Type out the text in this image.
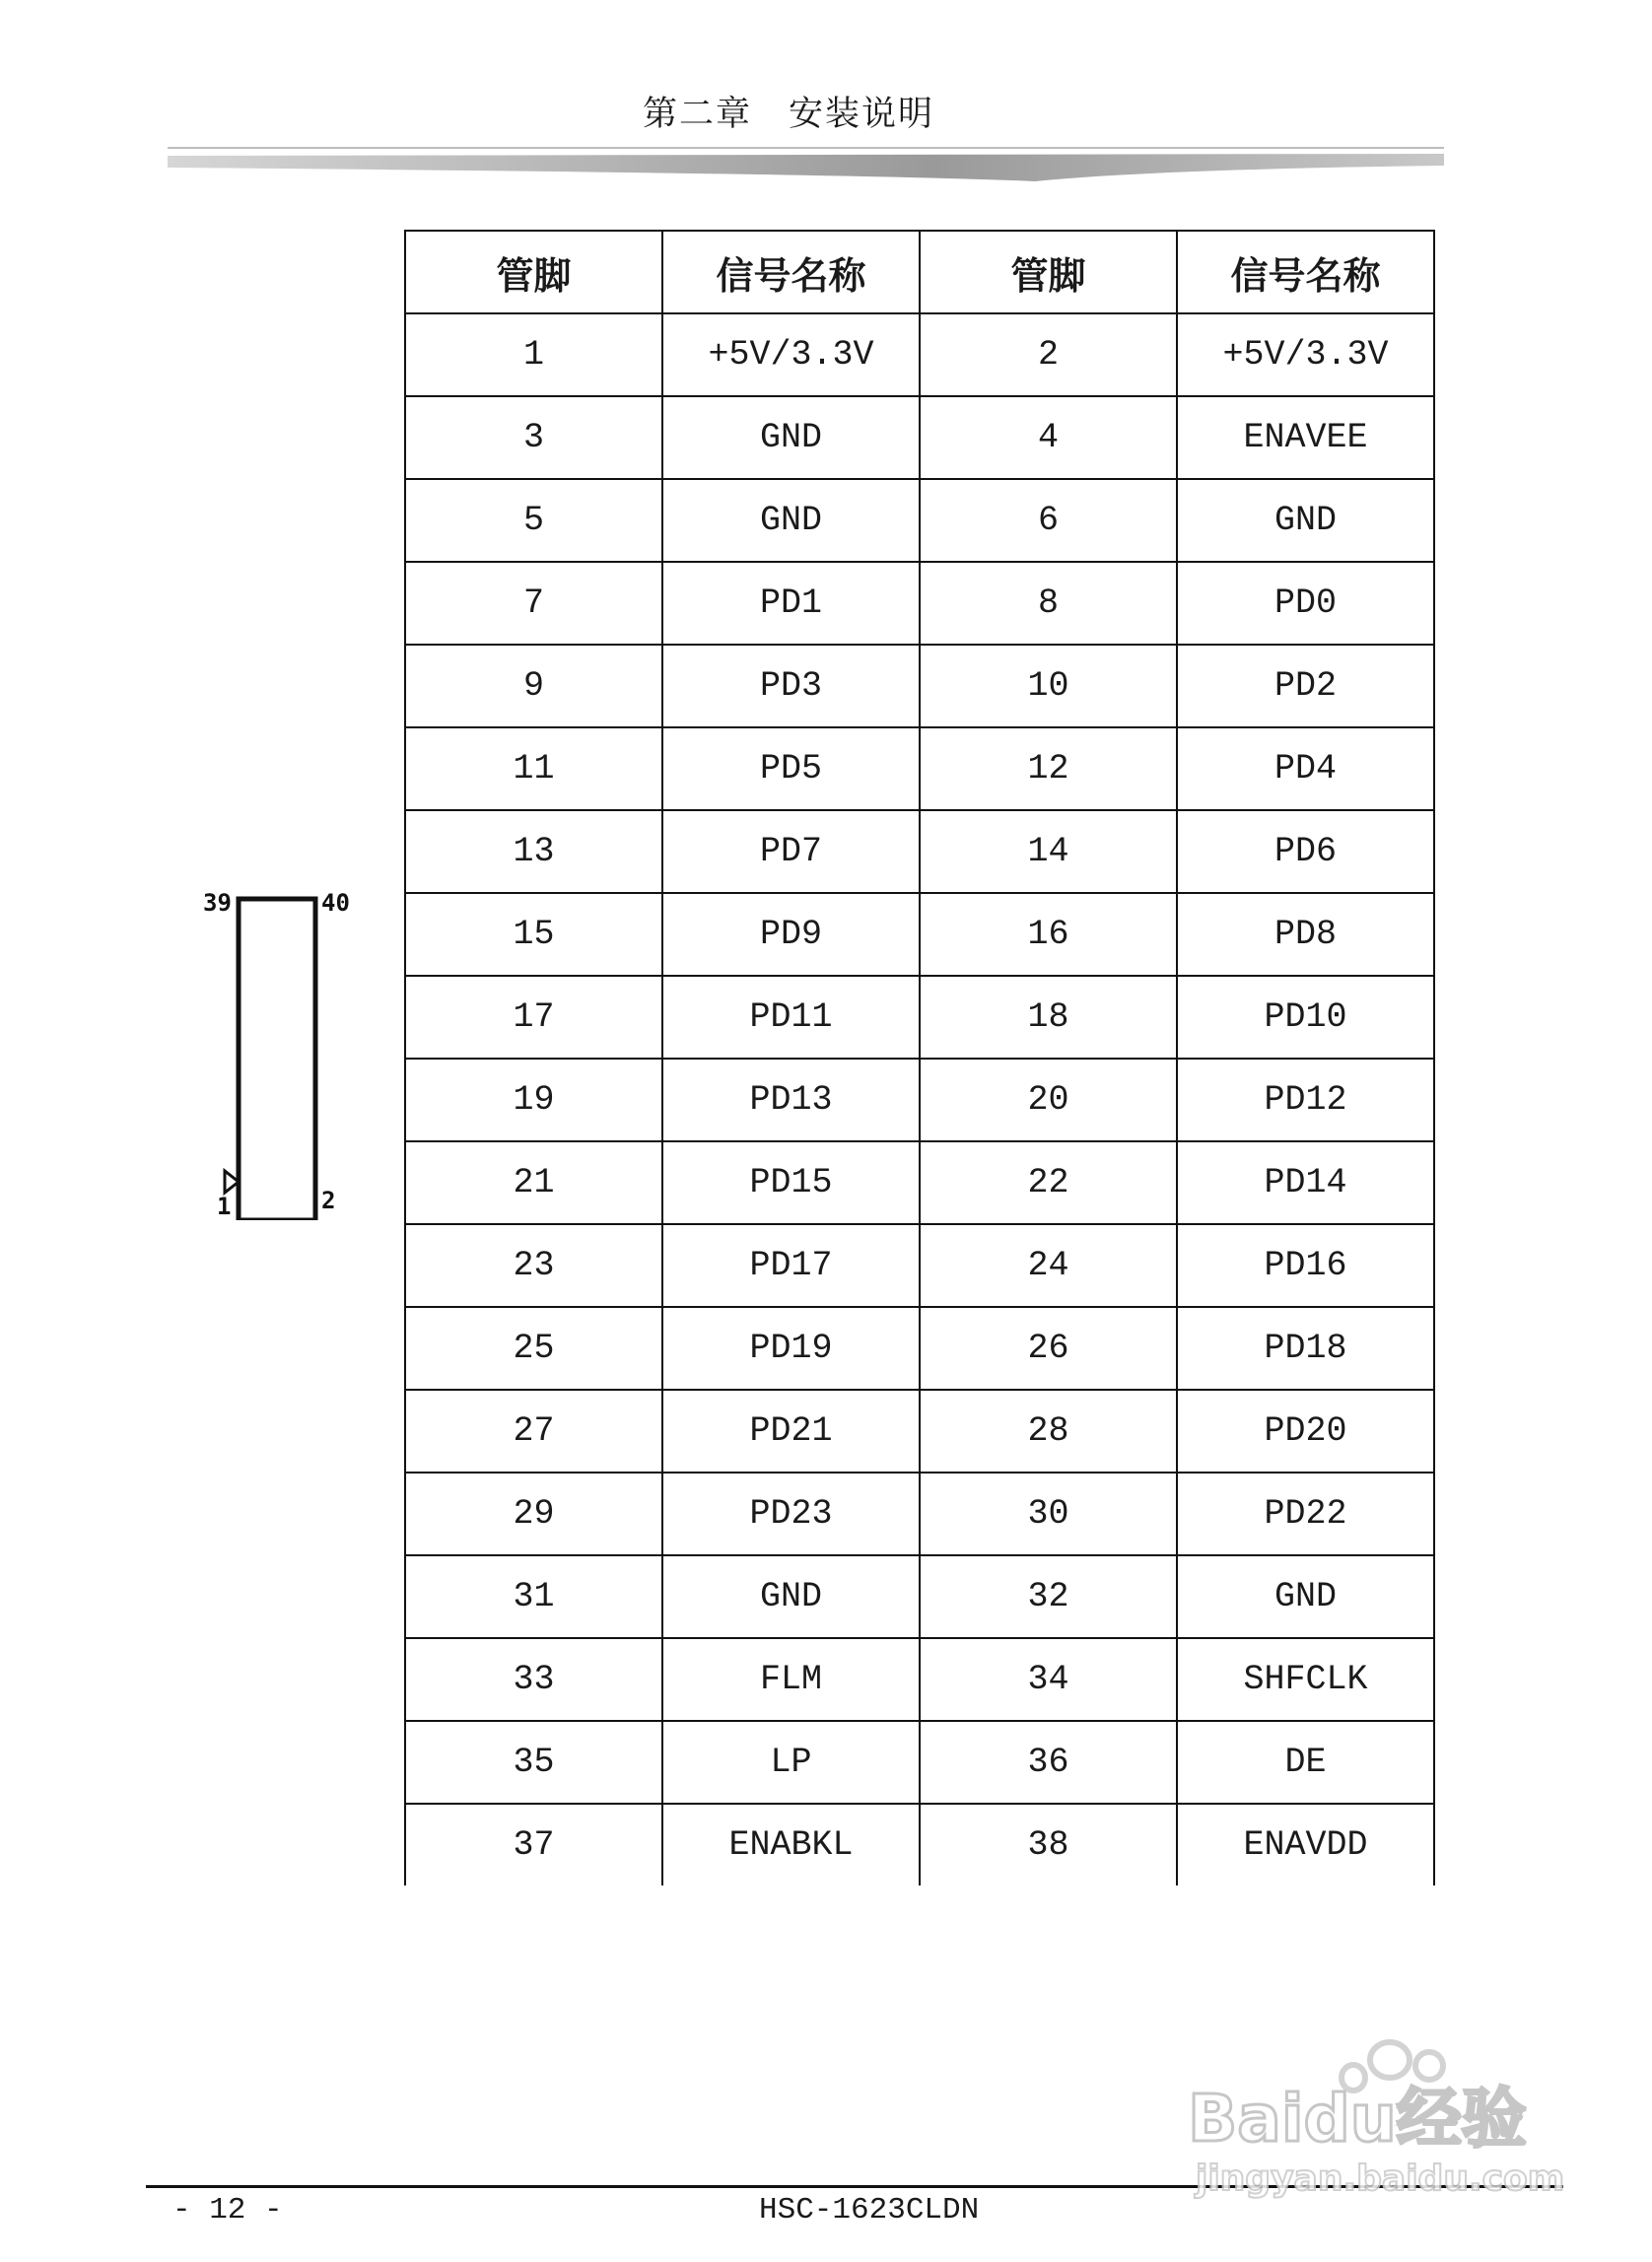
第二章　安装说明
39	40
1	2
管脚	信号名称	管脚	信号名称
1	+5V/3.3V	2	+5V/3.3V
3	GND	4	ENAVEE
5	GND	6	GND
7	PD1	8	PD0
9	PD3	10	PD2
11	PD5	12	PD4
13	PD7	14	PD6
15	PD9	16	PD8
17	PD11	18	PD10
19	PD13	20	PD12
21	PD15	22	PD14
23	PD17	24	PD16
25	PD19	26	PD18
27	PD21	28	PD20
29	PD23	30	PD22
31	GND	32	GND
33	FLM	34	SHFCLK
35	LP	36	DE
37	ENABKL	38	ENAVDD
- 12 -	HSC-1623CLDN
Baidu经验
jingyan.baidu.com
